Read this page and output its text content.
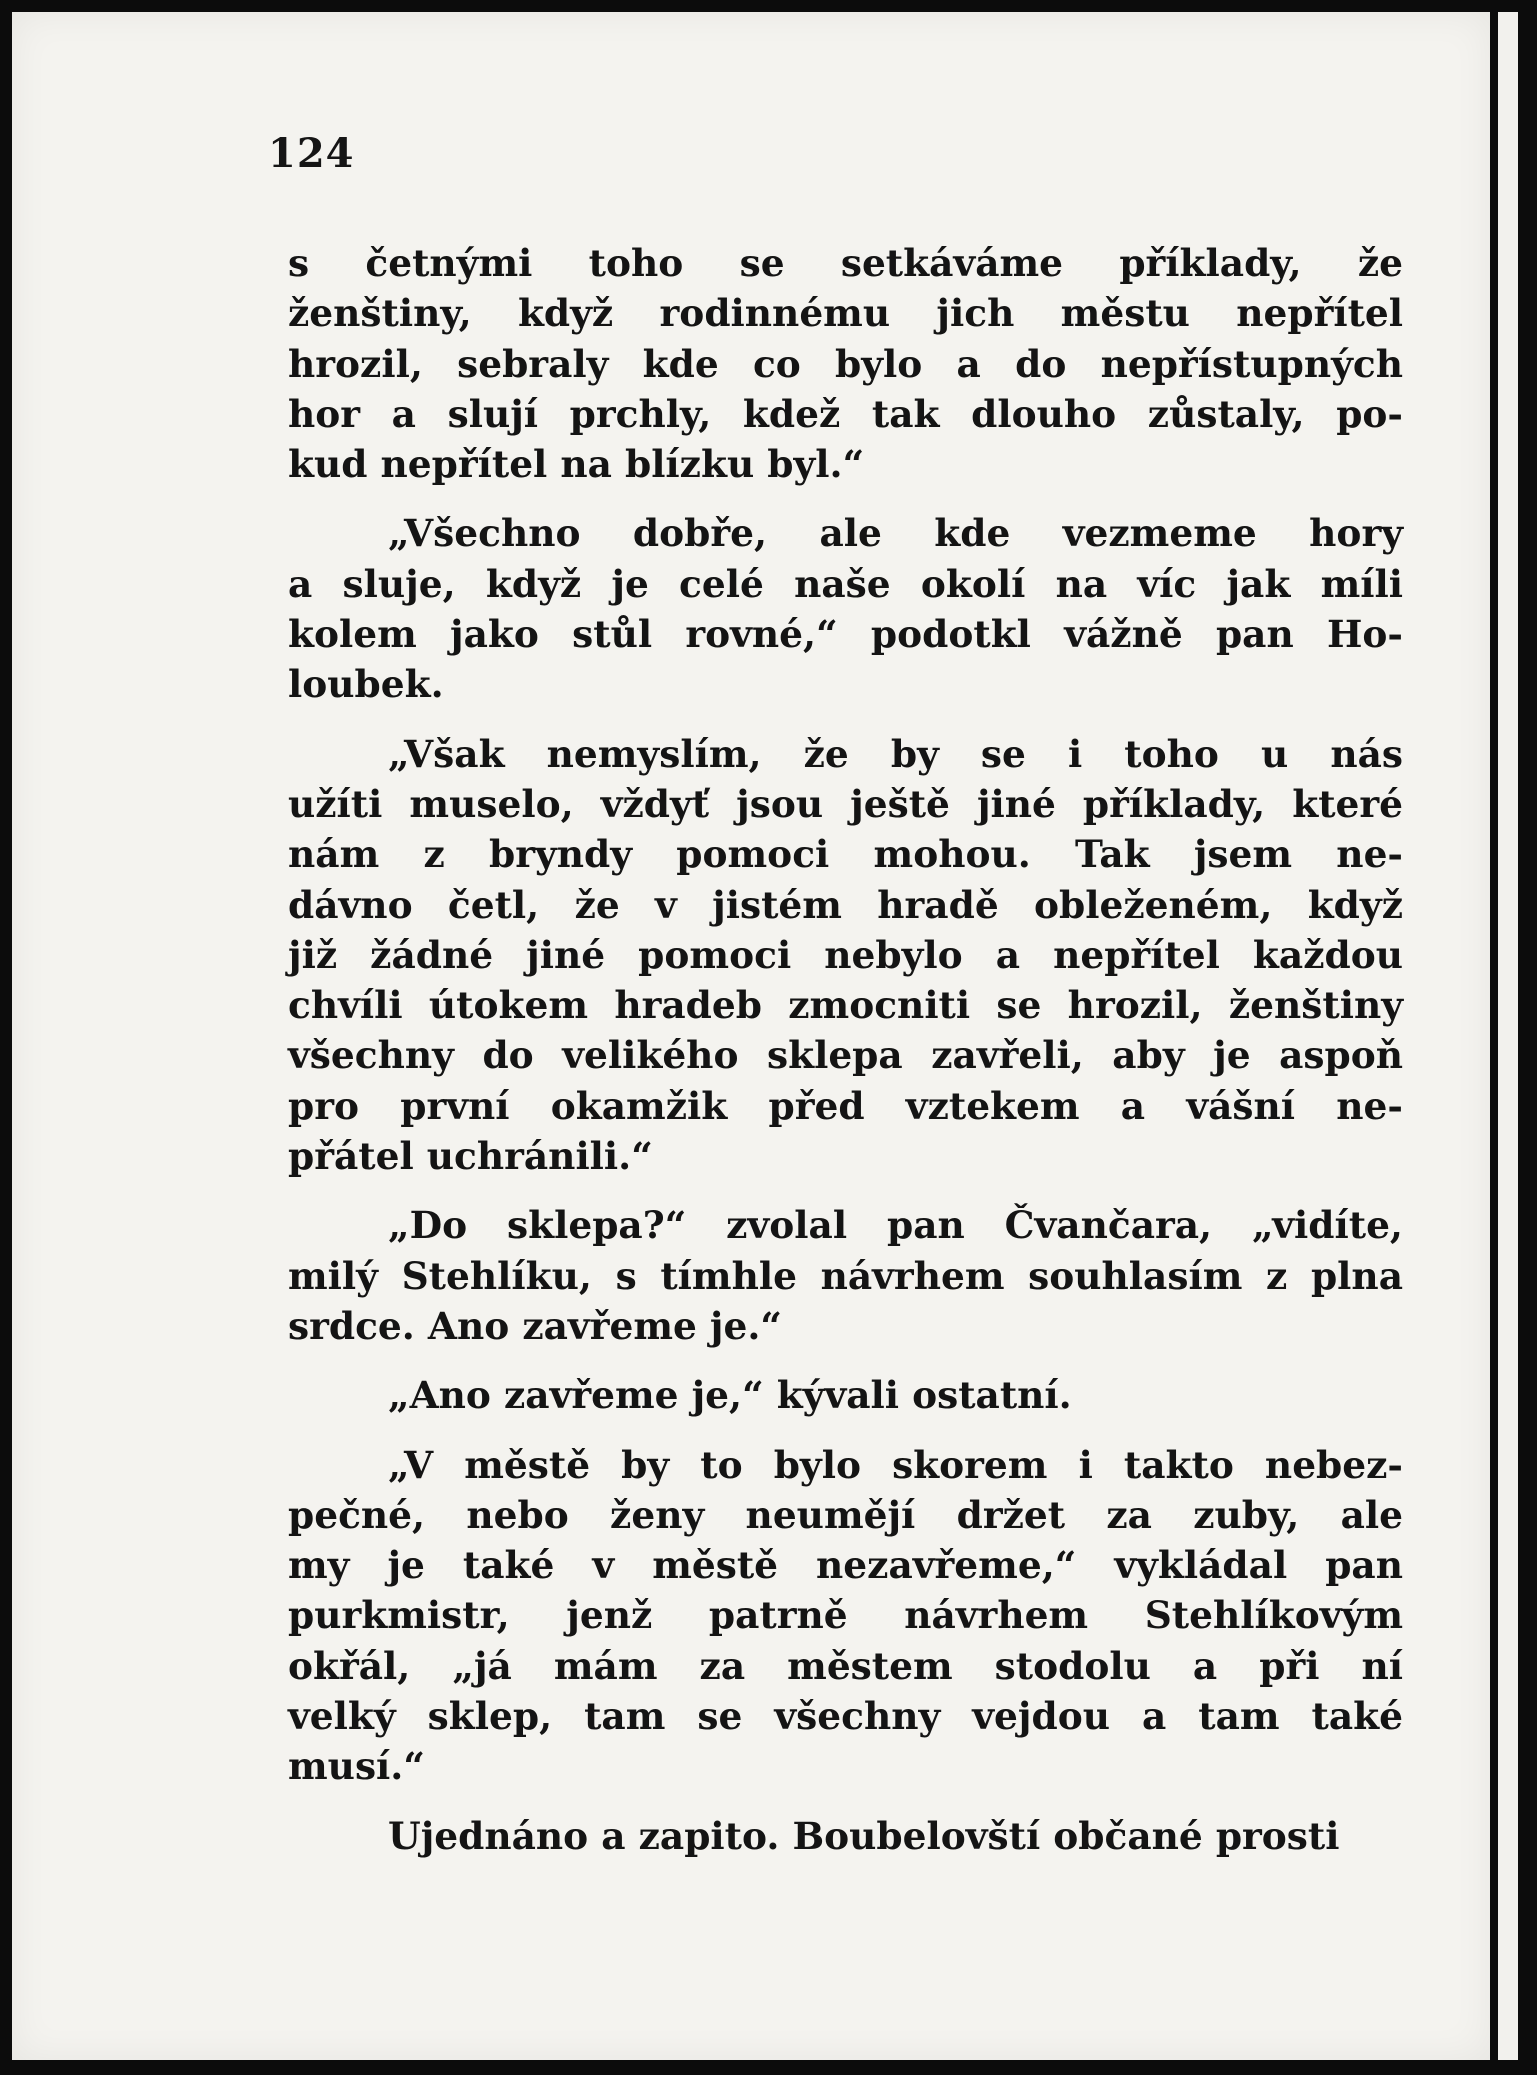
124

s četnými toho se setkáváme příklady, že
ženštiny, když rodinnému jich městu nepřítel
hrozil, sebraly kde co bylo a do nepřístupných
hor a slují prchly, kdež tak dlouho zůstaly, po-
kud nepřítel na blízku byl.“

„Všechno dobře, ale kde vezmeme hory
a sluje, když je celé naše okolí na víc jak míli
kolem jako stůl rovné,“ podotkl vážně pan Ho-
loubek.

„Však nemyslím, že by se i toho u nás
užíti muselo, vždyť jsou ještě jiné příklady, které
nám z bryndy pomoci mohou. Tak jsem ne-
dávno četl, že v jistém hradě obleženém, když
již žádné jiné pomoci nebylo a nepřítel každou
chvíli útokem hradeb zmocniti se hrozil, ženštiny
všechny do velikého sklepa zavřeli, aby je aspoň
pro první okamžik před vztekem a vášní ne-
přátel uchránili.“

„Do sklepa?“ zvolal pan Čvančara, „vidíte,
milý Stehlíku, s tímhle návrhem souhlasím z plna
srdce. Ano zavřeme je.“

„Ano zavřeme je,“ kývali ostatní.

„V městě by to bylo skorem i takto nebez-
pečné, nebo ženy neumějí držet za zuby, ale
my je také v městě nezavřeme,“ vykládal pan
purkmistr, jenž patrně návrhem Stehlíkovým
okřál, „já mám za městem stodolu a při ní
velký sklep, tam se všechny vejdou a tam také
musí.“

Ujednáno a zapito. Boubelovští občané prosti
